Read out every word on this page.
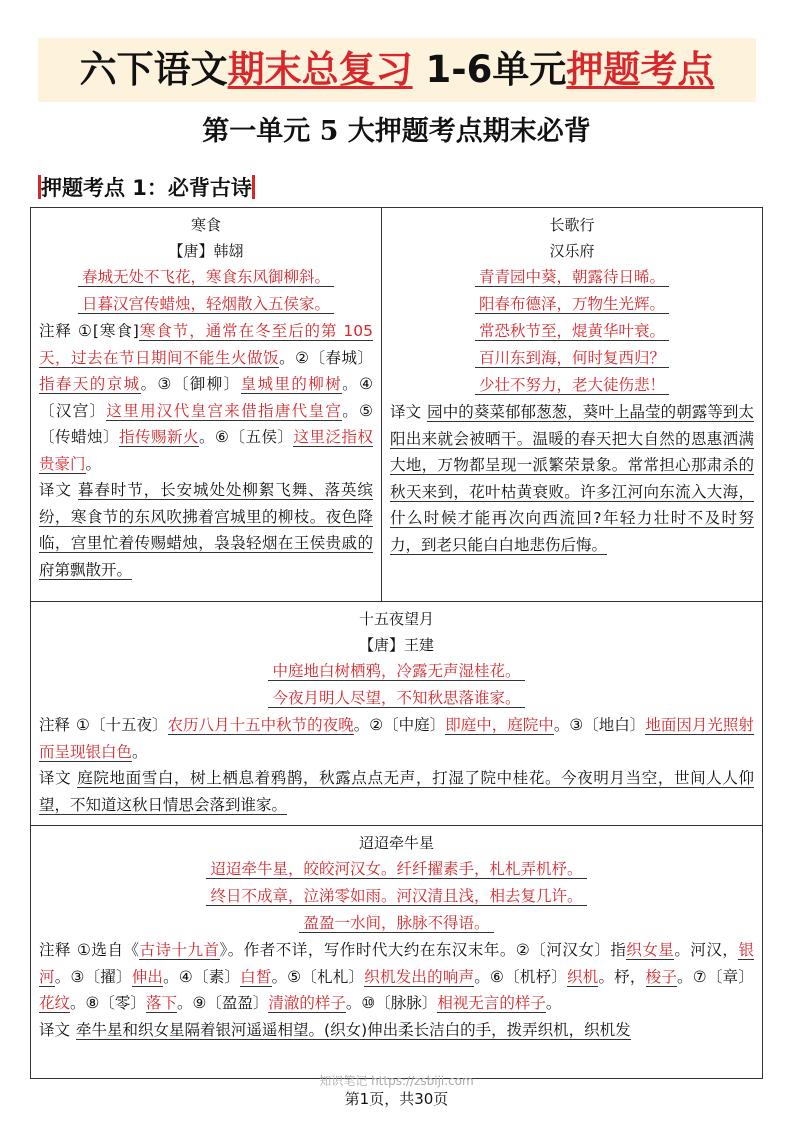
六下语文期末总复习 1-6单元押题考点
第一单元 5 大押题考点期末必背
押题考点 1：必背古诗
寒食
【唐】韩翃
春城无处不飞花，寒食东风御柳斜。
日暮汉宫传蜡烛，轻烟散入五侯家。
注释 ①[寒食]寒食节，通常在冬至后的第 105 天，过去在节日期间不能生火做饭。②〔春城〕指春天的京城。③〔御柳〕皇城里的柳树。④〔汉宫〕这里用汉代皇宫来借指唐代皇宫。⑤〔传蜡烛〕指传赐新火。⑥〔五侯〕这里泛指权贵豪门。
译文 暮春时节，长安城处处柳絮飞舞、落英缤纷，寒食节的东风吹拂着宫城里的柳枝。夜色降临，宫里忙着传赐蜡烛，袅袅轻烟在王侯贵戚的府第飘散开。
长歌行
汉乐府
青青园中葵，朝露待日晞。
阳春布德泽，万物生光辉。
常恐秋节至，焜黄华叶衰。
百川东到海，何时复西归？
少壮不努力，老大徒伤悲！
译文 园中的葵菜郁郁葱葱，葵叶上晶莹的朝露等到太阳出来就会被晒干。温暖的春天把大自然的恩惠洒满大地，万物都呈现一派繁荣景象。常常担心那肃杀的秋天来到，花叶枯黄衰败。许多江河向东流入大海，什么时候才能再次向西流回?年轻力壮时不及时努力，到老只能白白地悲伤后悔。
十五夜望月
【唐】王建
中庭地白树栖鸦，冷露无声湿桂花。
今夜月明人尽望，不知秋思落谁家。
注释 ①〔十五夜〕农历八月十五中秋节的夜晚。②〔中庭〕即庭中，庭院中。③〔地白〕地面因月光照射而呈现银白色。
译文 庭院地面雪白，树上栖息着鸦鹊，秋露点点无声，打湿了院中桂花。今夜明月当空，世间人人仰望，不知道这秋日情思会落到谁家。
迢迢牵牛星
迢迢牵牛星，皎皎河汉女。纤纤擢素手，札札弄机杼。
终日不成章，泣涕零如雨。河汉清且浅，相去复几许。
盈盈一水间，脉脉不得语。
注释 ①选自《古诗十九首》。作者不详，写作时代大约在东汉末年。②〔河汉女〕指织女星。河汉，银河。③〔擢〕伸出。④〔素〕白皙。⑤〔札札〕织机发出的响声。⑥〔机杼〕织机。杼，梭子。⑦〔章〕花纹。⑧〔零〕落下。⑨〔盈盈〕清澈的样子。⑩〔脉脉〕相视无言的样子。
译文 牵牛星和织女星隔着银河遥遥相望。(织女)伸出柔长洁白的手，拨弄织机，织机发
知识笔记 https://zsbiji.com
第1页，共30页
